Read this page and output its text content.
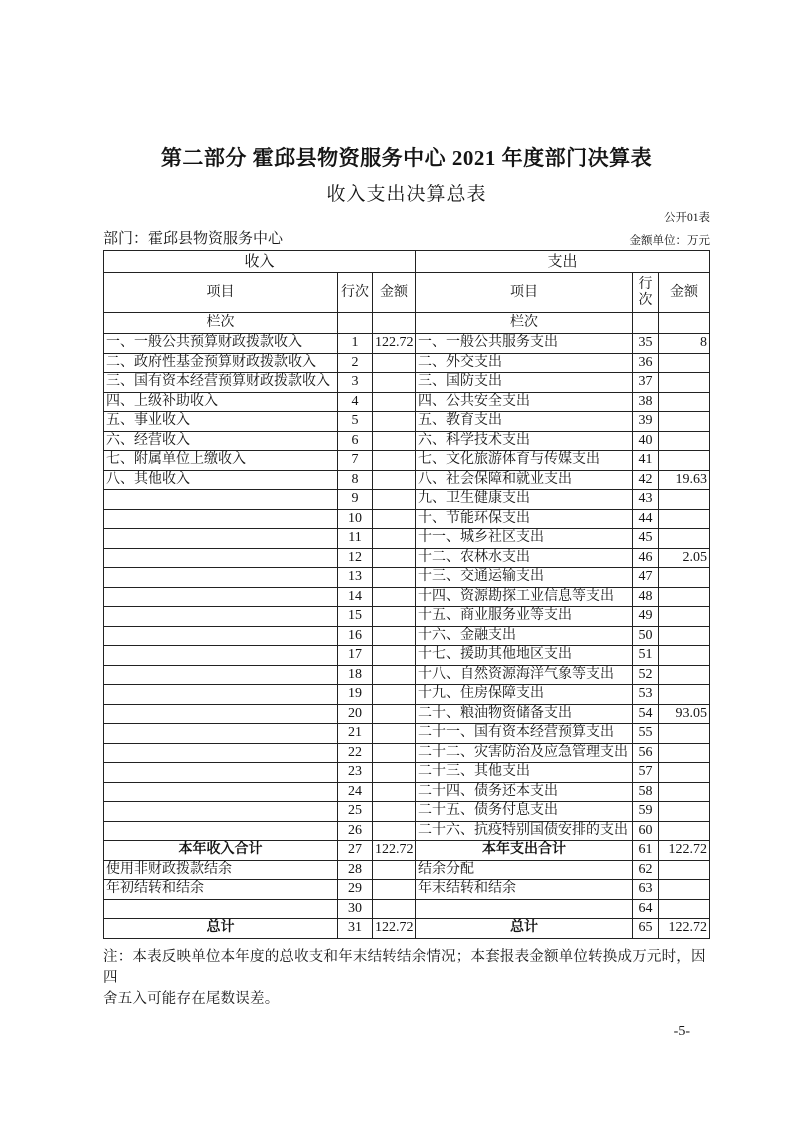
第二部分 霍邱县物资服务中心 2021 年度部门决算表
收入支出决算总表
公开01表
部门：霍邱县物资服务中心	金额单位：万元
收入			支出		
项目	行次	金额	项目	行次	金额
栏次			栏次		
一、一般公共预算财政拨款收入	1	122.72	一、一般公共服务支出	35	8
二、政府性基金预算财政拨款收入	2		二、外交支出	36	
三、国有资本经营预算财政拨款收入	3		三、国防支出	37	
四、上级补助收入	4		四、公共安全支出	38	
五、事业收入	5		五、教育支出	39	
六、经营收入	6		六、科学技术支出	40	
七、附属单位上缴收入	7		七、文化旅游体育与传媒支出	41	
八、其他收入	8		八、社会保障和就业支出	42	19.63
	9		九、卫生健康支出	43	
	10		十、节能环保支出	44	
	11		十一、城乡社区支出	45	
	12		十二、农林水支出	46	2.05
	13		十三、交通运输支出	47	
	14		十四、资源勘探工业信息等支出	48	
	15		十五、商业服务业等支出	49	
	16		十六、金融支出	50	
	17		十七、援助其他地区支出	51	
	18		十八、自然资源海洋气象等支出	52	
	19		十九、住房保障支出	53	
	20		二十、粮油物资储备支出	54	93.05
	21		二十一、国有资本经营预算支出	55	
	22		二十二、灾害防治及应急管理支出	56	
	23		二十三、其他支出	57	
	24		二十四、债务还本支出	58	
	25		二十五、债务付息支出	59	
	26		二十六、抗疫特别国债安排的支出	60	
本年收入合计	27	122.72	本年支出合计	61	122.72
使用非财政拨款结余	28		结余分配	62	
年初结转和结余	29		年末结转和结余	63	
	30			64	
总计	31	122.72	总计	65	122.72
注：本表反映单位本年度的总收支和年末结转结余情况；本套报表金额单位转换成万元时，因四
舍五入可能存在尾数误差。
-5-
